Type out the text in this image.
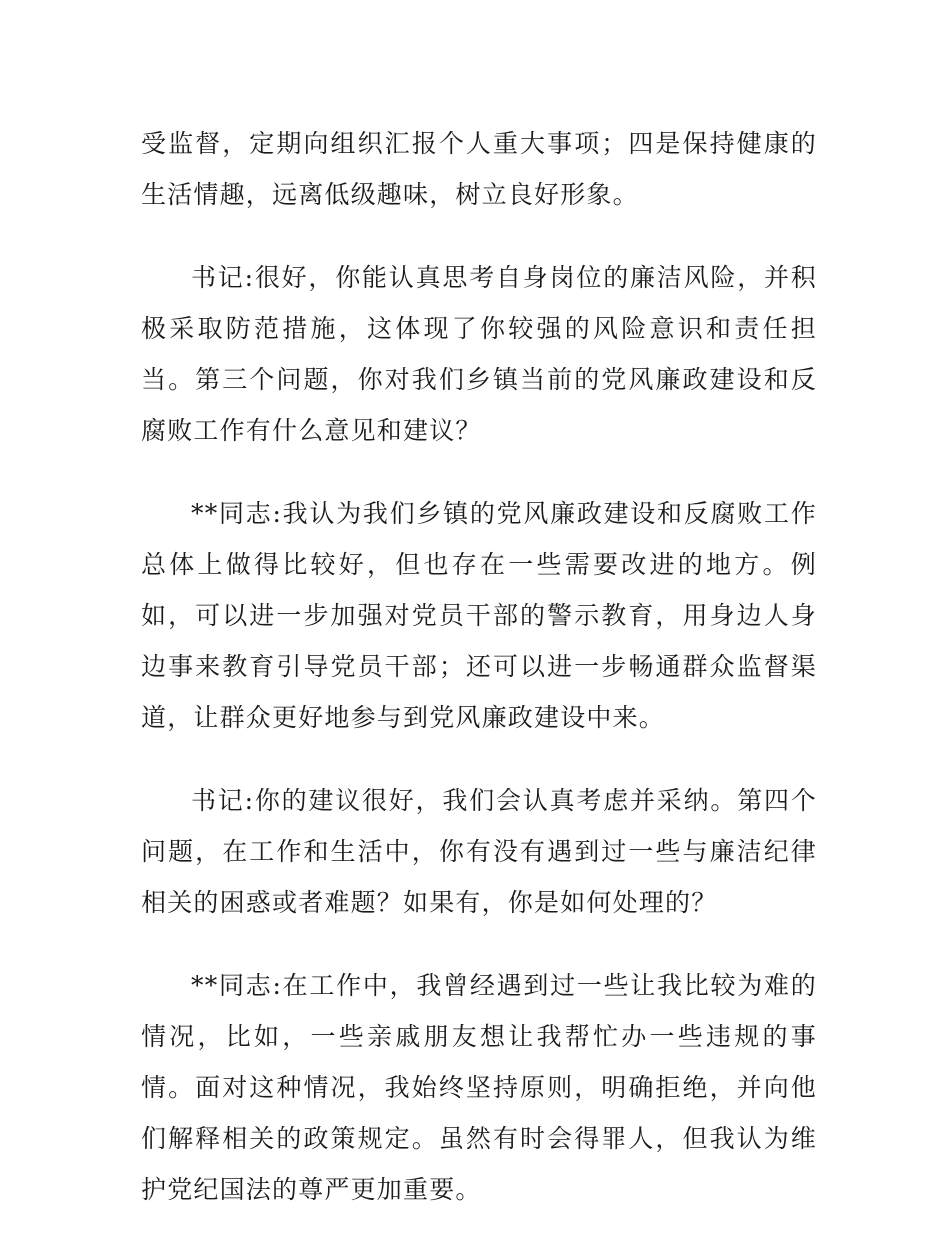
受监督，定期向组织汇报个人重大事项；四是保持健康的生活情趣，远离低级趣味，树立良好形象。

书记:很好，你能认真思考自身岗位的廉洁风险，并积极采取防范措施，这体现了你较强的风险意识和责任担当。第三个问题，你对我们乡镇当前的党风廉政建设和反腐败工作有什么意见和建议？

**同志:我认为我们乡镇的党风廉政建设和反腐败工作总体上做得比较好，但也存在一些需要改进的地方。例如，可以进一步加强对党员干部的警示教育，用身边人身边事来教育引导党员干部；还可以进一步畅通群众监督渠道，让群众更好地参与到党风廉政建设中来。

书记:你的建议很好，我们会认真考虑并采纳。第四个问题，在工作和生活中，你有没有遇到过一些与廉洁纪律相关的困惑或者难题？如果有，你是如何处理的？

**同志:在工作中，我曾经遇到过一些让我比较为难的情况，比如，一些亲戚朋友想让我帮忙办一些违规的事情。面对这种情况，我始终坚持原则，明确拒绝，并向他们解释相关的政策规定。虽然有时会得罪人，但我认为维护党纪国法的尊严更加重要。
